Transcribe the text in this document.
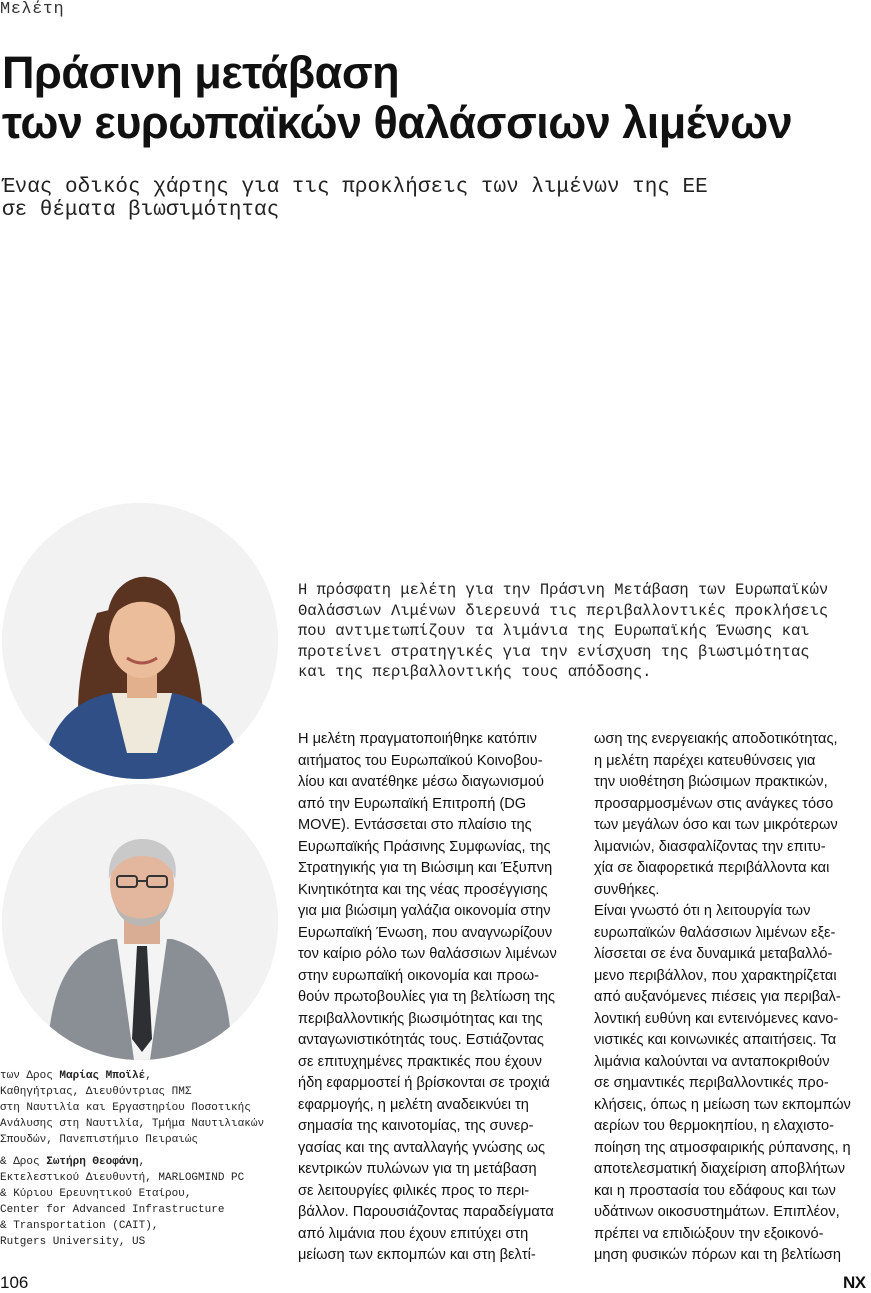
Μελέτη
Πράσινη μετάβαση
των ευρωπαϊκών θαλάσσιων λιμένων
Ένας οδικός χάρτης για τις προκλήσεις των λιμένων της ΕΕ
σε θέματα βιωσιμότητας
Η πρόσφατη μελέτη για την Πράσινη Μετάβαση των Ευρωπαϊκών
Θαλάσσιων Λιμένων διερευνά τις περιβαλλοντικές προκλήσεις
που αντιμετωπίζουν τα λιμάνια της Ευρωπαϊκής Ένωσης και
προτείνει στρατηγικές για την ενίσχυση της βιωσιμότητας
και της περιβαλλοντικής τους απόδοσης.
Η μελέτη πραγματοποιήθηκε κατόπιν
αιτήματος του Ευρωπαϊκού Κοινοβου-
λίου και ανατέθηκε μέσω διαγωνισμού
από την Ευρωπαϊκή Επιτροπή (DG
MOVE). Εντάσσεται στο πλαίσιο της
Ευρωπαϊκής Πράσινης Συμφωνίας, της
Στρατηγικής για τη Βιώσιμη και Έξυπνη
Κινητικότητα και της νέας προσέγγισης
για μια βιώσιμη γαλάζια οικονομία στην
Ευρωπαϊκή Ένωση, που αναγνωρίζουν
τον καίριο ρόλο των θαλάσσιων λιμένων
στην ευρωπαϊκή οικονομία και προω-
θούν πρωτοβουλίες για τη βελτίωση της
περιβαλλοντικής βιωσιμότητας και της
ανταγωνιστικότητάς τους. Εστιάζοντας
σε επιτυχημένες πρακτικές που έχουν
ήδη εφαρμοστεί ή βρίσκονται σε τροχιά
εφαρμογής, η μελέτη αναδεικνύει τη
σημασία της καινοτομίας, της συνερ-
γασίας και της ανταλλαγής γνώσης ως
κεντρικών πυλώνων για τη μετάβαση
σε λειτουργίες φιλικές προς το περι-
βάλλον. Παρουσιάζοντας παραδείγματα
από λιμάνια που έχουν επιτύχει στη
μείωση των εκπομπών και στη βελτί-
ωση της ενεργειακής αποδοτικότητας,
η μελέτη παρέχει κατευθύνσεις για
την υιοθέτηση βιώσιμων πρακτικών,
προσαρμοσμένων στις ανάγκες τόσο
των μεγάλων όσο και των μικρότερων
λιμανιών, διασφαλίζοντας την επιτυ-
χία σε διαφορετικά περιβάλλοντα και
συνθήκες.
Είναι γνωστό ότι η λειτουργία των
ευρωπαϊκών θαλάσσιων λιμένων εξε-
λίσσεται σε ένα δυναμικά μεταβαλλό-
μενο περιβάλλον, που χαρακτηρίζεται
από αυξανόμενες πιέσεις για περιβαλ-
λοντική ευθύνη και εντεινόμενες κανο-
νιστικές και κοινωνικές απαιτήσεις. Τα
λιμάνια καλούνται να ανταποκριθούν
σε σημαντικές περιβαλλοντικές προ-
κλήσεις, όπως η μείωση των εκπομπών
αερίων του θερμοκηπίου, η ελαχιστο-
ποίηση της ατμοσφαιρικής ρύπανσης, η
αποτελεσματική διαχείριση αποβλήτων
και η προστασία του εδάφους και των
υδάτινων οικοσυστημάτων. Επιπλέον,
πρέπει να επιδιώξουν την εξοικονό-
μηση φυσικών πόρων και τη βελτίωση
των Δρος Μαρίας Μποϊλέ,
Καθηγήτριας, Διευθύντριας ΠΜΣ
στη Ναυτιλία και Εργαστηρίου Ποσοτικής
Ανάλυσης στη Ναυτιλία, Τμήμα Ναυτιλιακών
Σπουδών, Πανεπιστήμιο Πειραιώς
& Δρος Σωτήρη Θεοφάνη,
Εκτελεστικού Διευθυντή, MARLOGMIND PC
& Κύριου Ερευνητικού Εταίρου,
Center for Advanced Infrastructure
& Transportation (CAIT),
Rutgers University, US
106	NX
